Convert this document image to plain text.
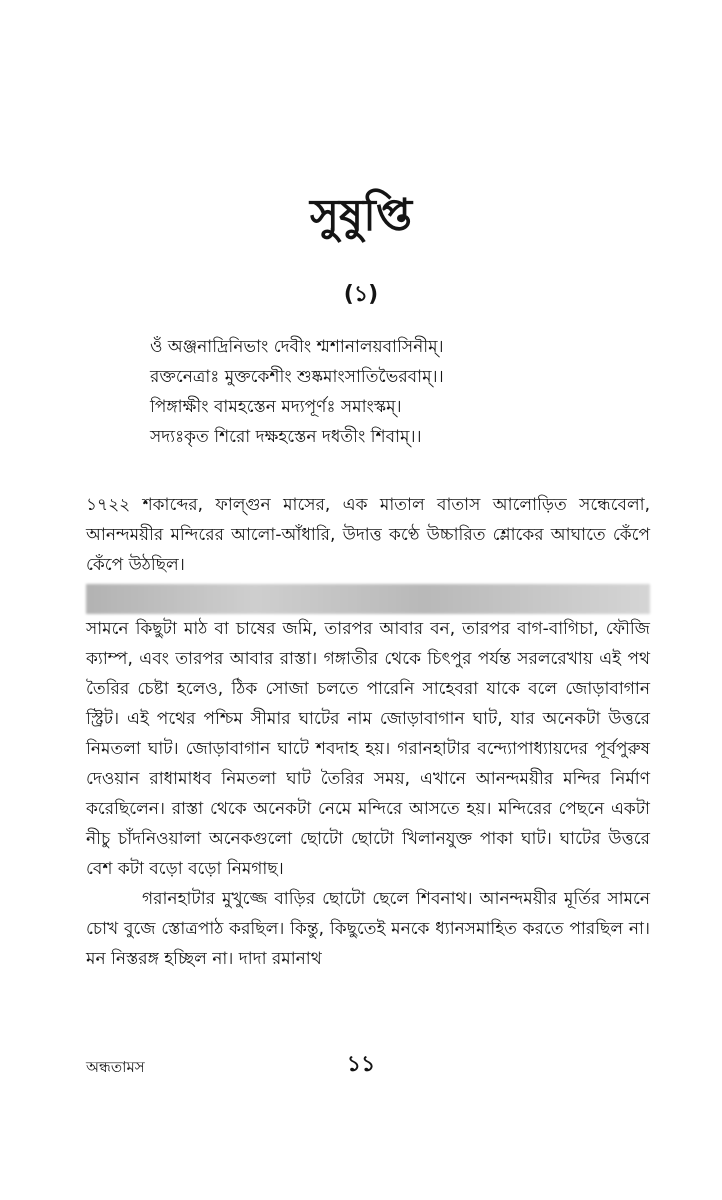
সুষুপ্তি
(১)
ওঁ অঞ্জনাদ্রিনিভাং দেবীং শ্মশানালয়বাসিনীম্।
রক্তনেত্রাঃ মুক্তকেশীং শুষ্কমাংসাতিভৈরবাম্।।
পিঙ্গাক্ষীং বামহস্তেন মদ্যপূর্ণঃ সমাংস্কম্।
সদ্যঃকৃত শিরো দক্ষহস্তেন দধতীং শিবাম্।।

১৭২২ শকাব্দের, ফাল্গুন মাসের, এক মাতাল বাতাস আলোড়িত সন্ধেবেলা, আনন্দময়ীর মন্দিরের আলো-আঁধারি, উদাত্ত কণ্ঠে উচ্চারিত শ্লোকের আঘাতে কেঁপে কেঁপে উঠছিল।

সামনে কিছুটা মাঠ বা চাষের জমি, তারপর আবার বন, তারপর বাগ-বাগিচা, ফৌজি ক্যাম্প, এবং তারপর আবার রাস্তা। গঙ্গাতীর থেকে চিৎপুর পর্যন্ত সরলরেখায় এই পথ তৈরির চেষ্টা হলেও, ঠিক সোজা চলতে পারেনি সাহেবরা যাকে বলে জোড়াবাগান স্ট্রিট। এই পথের পশ্চিম সীমার ঘাটের নাম জোড়াবাগান ঘাট, যার অনেকটা উত্তরে নিমতলা ঘাট। জোড়াবাগান ঘাটে শবদাহ হয়। গরানহাটার বন্দ্যোপাধ্যায়দের পূর্বপুরুষ দেওয়ান রাধামাধব নিমতলা ঘাট তৈরির সময়, এখানে আনন্দময়ীর মন্দির নির্মাণ করেছিলেন। রাস্তা থেকে অনেকটা নেমে মন্দিরে আসতে হয়। মন্দিরের পেছনে একটা নীচু চাঁদনিওয়ালা অনেকগুলো ছোটো ছোটো খিলানযুক্ত পাকা ঘাট। ঘাটের উত্তরে বেশ কটা বড়ো বড়ো নিমগাছ।

গরানহাটার মুখুজ্জে বাড়ির ছোটো ছেলে শিবনাথ। আনন্দময়ীর মূর্তির সামনে চোখ বুজে স্তোত্রপাঠ করছিল। কিন্তু, কিছুতেই মনকে ধ্যানসমাহিত করতে পারছিল না। মন নিস্তরঙ্গ হচ্ছিল না। দাদা রমানাথ

অন্ধতামস	১১
